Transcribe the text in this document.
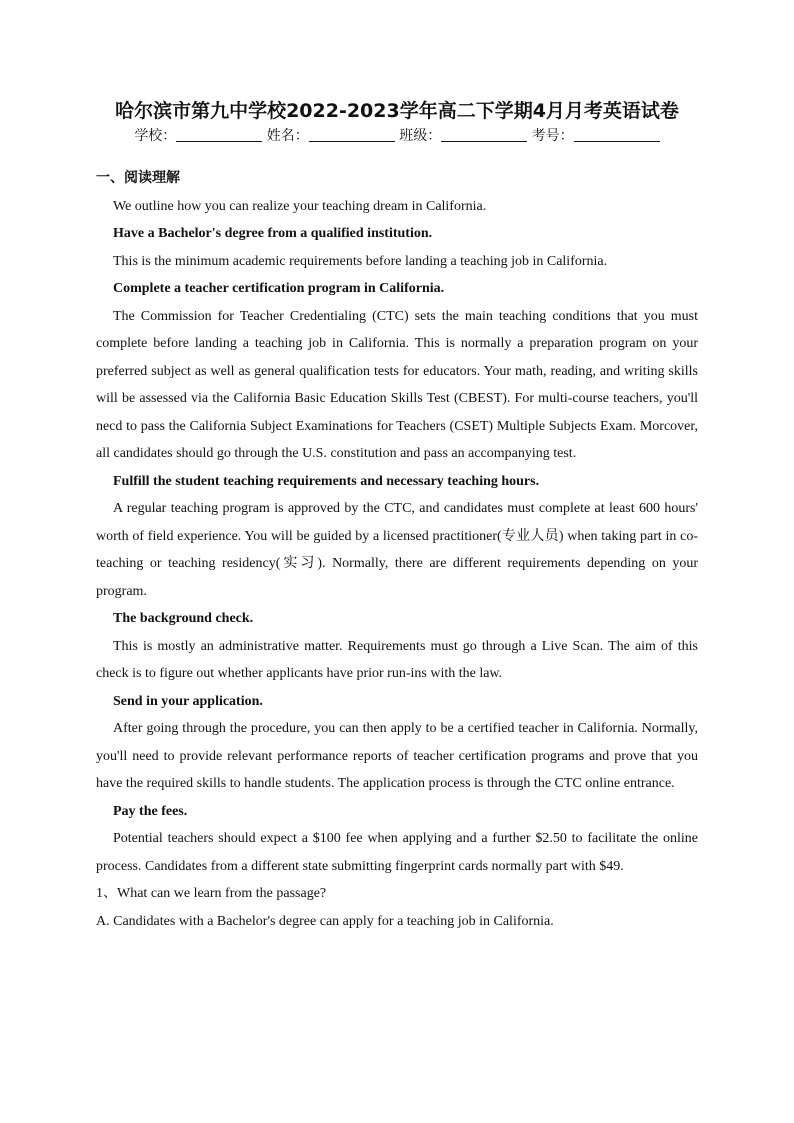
哈尔滨市第九中学校2022-2023学年高二下学期4月月考英语试卷
学校：	姓名：	班级：	考号：
一、阅读理解

We outline how you can realize your teaching dream in California.

Have a Bachelor's degree from a qualified institution.

This is the minimum academic requirements before landing a teaching job in California.

Complete a teacher certification program in California.

The Commission for Teacher Credentialing (CTC) sets the main teaching conditions that you must complete before landing a teaching job in California. This is normally a preparation program on your preferred subject as well as general qualification tests for educators. Your math, reading, and writing skills will be assessed via the California Basic Education Skills Test (CBEST). For multi-course teachers, you'll necd to pass the California Subject Examinations for Teachers (CSET) Multiple Subjects Exam. Morcover, all candidates should go through the U.S. constitution and pass an accompanying test.

Fulfill the student teaching requirements and necessary teaching hours.

A regular teaching program is approved by the CTC, and candidates must complete at least 600 hours' worth of field experience. You will be guided by a licensed practitioner(专业人员) when taking part in co-teaching or teaching residency(实习). Normally, there are different requirements depending on your program.

The background check.

This is mostly an administrative matter. Requirements must go through a Live Scan. The aim of this check is to figure out whether applicants have prior run-ins with the law.

Send in your application.

After going through the procedure, you can then apply to be a certified teacher in California. Normally, you'll need to provide relevant performance reports of teacher certification programs and prove that you have the required skills to handle students. The application process is through the CTC online entrance.

Pay the fees.

Potential teachers should expect a $100 fee when applying and a further $2.50 to facilitate the online process. Candidates from a different state submitting fingerprint cards normally part with $49.

1、What can we learn from the passage?

A. Candidates with a Bachelor's degree can apply for a teaching job in California.
